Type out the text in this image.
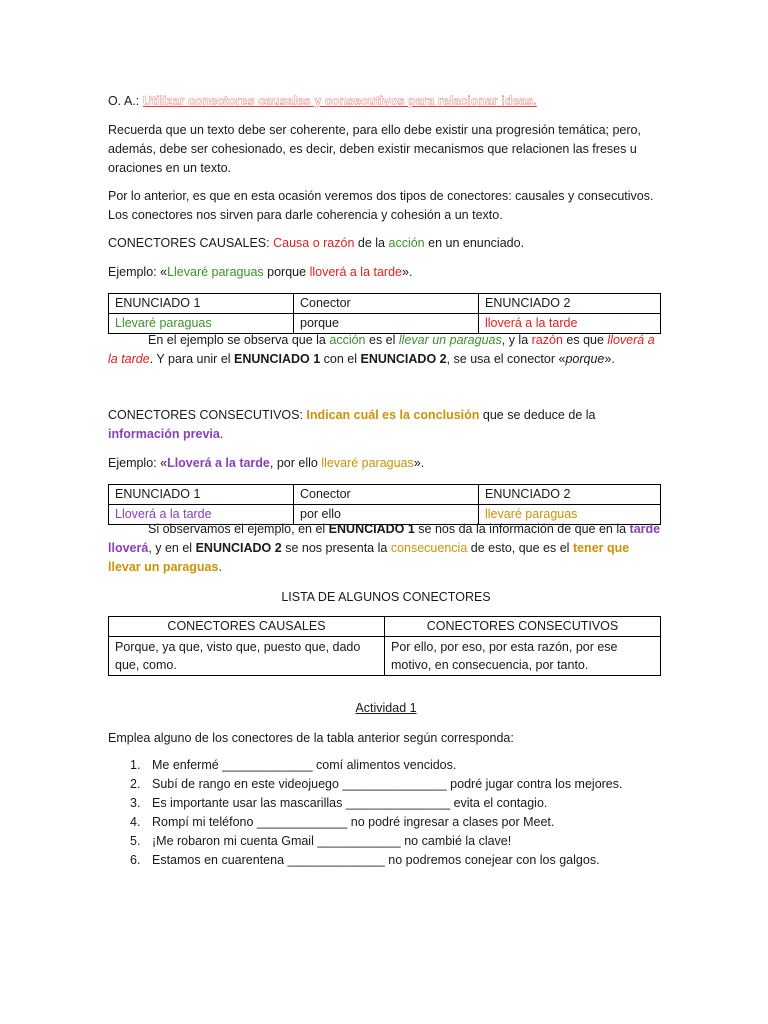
O. A.: Utilizar conectores causales y consecutivos para relacionar ideas.
Recuerda que un texto debe ser coherente, para ello debe existir una progresión temática; pero, además, debe ser cohesionado, es decir, deben existir mecanismos que relacionen las freses u oraciones en un texto.
Por lo anterior, es que en esta ocasión veremos dos tipos de conectores: causales y consecutivos. Los conectores nos sirven para darle coherencia y cohesión a un texto.
CONECTORES CAUSALES: Causa o razón de la acción en un enunciado.
Ejemplo: «Llevaré paraguas porque lloverá a la tarde».
ENUNCIADO 1	Conector	ENUNCIADO 2
Llevaré paraguas	porque	lloverá a la tarde
En el ejemplo se observa que la acción es el llevar un paraguas, y la razón es que lloverá a la tarde. Y para unir el ENUNCIADO 1 con el ENUNCIADO 2, se usa el conector «porque».
CONECTORES CONSECUTIVOS: Indican cuál es la conclusión que se deduce de la información previa.
Ejemplo: «Lloverá a la tarde, por ello llevaré paraguas».
ENUNCIADO 1	Conector	ENUNCIADO 2
Lloverá a la tarde	por ello	llevaré paraguas
Si observamos el ejemplo, en el ENUNCIADO 1 se nos da la información de que en la tarde lloverá, y en el ENUNCIADO 2 se nos presenta la consecuencia de esto, que es el tener que llevar un paraguas.
LISTA DE ALGUNOS CONECTORES
CONECTORES CAUSALES	CONECTORES CONSECUTIVOS
Porque, ya que, visto que, puesto que, dado que, como.	Por ello, por eso, por esta razón, por ese motivo, en consecuencia, por tanto.
Actividad 1
Emplea alguno de los conectores de la tabla anterior según corresponda:
1. Me enfermé _____________ comí alimentos vencidos.
2. Subí de rango en este videojuego _______________ podré jugar contra los mejores.
3. Es importante usar las mascarillas _______________ evita el contagio.
4. Rompí mi teléfono _____________ no podré ingresar a clases por Meet.
5. ¡Me robaron mi cuenta Gmail ____________ no cambié la clave!
6. Estamos en cuarentena ______________ no podremos conejear con los galgos.
